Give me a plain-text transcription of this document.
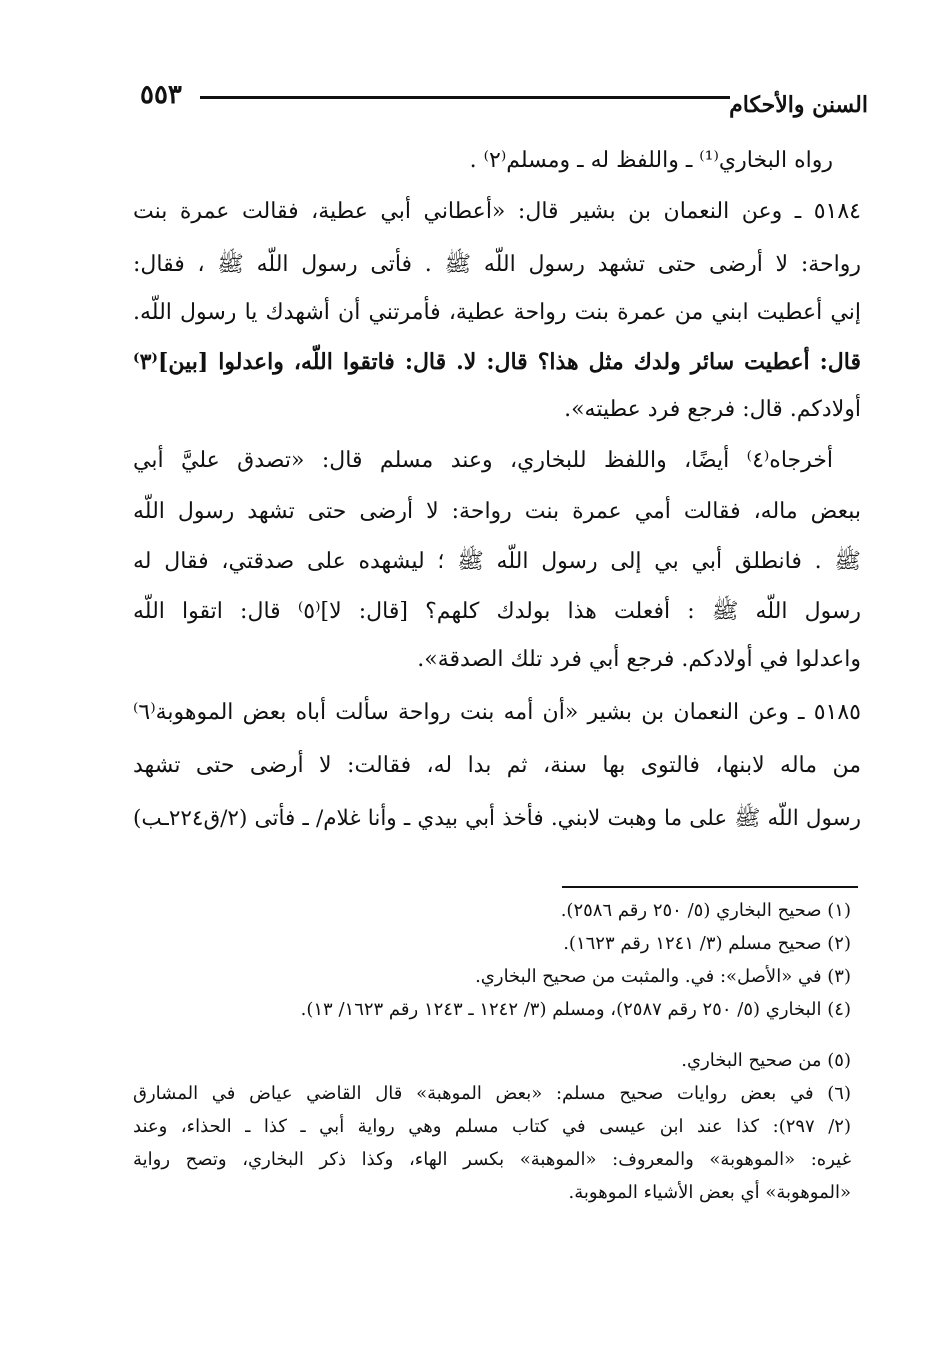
السنن والأحكام
٥٥٣
رواه البخاري⁽¹⁾ ـ واللفظ له ـ ومسلم⁽٢⁾ .
٥١٨٤ ـ وعن النعمان بن بشير قال: «أعطاني أبي عطية، فقالت عمرة بنت
رواحة: لا أرضى حتى تشهد رسول اللّه ﷺ . فأتى رسول اللّه ﷺ ، فقال:
إني أعطيت ابني من عمرة بنت رواحة عطية، فأمرتني أن أشهدك يا رسول اللّه.
قال: أعطيت سائر ولدك مثل هذا؟ قال: لا. قال: فاتقوا اللّه، واعدلوا [بين]⁽٣⁾
أولادكم. قال: فرجع فرد عطيته».
أخرجاه⁽٤⁾ أيضًا، واللفظ للبخاري، وعند مسلم قال: «تصدق عليَّ أبي
ببعض ماله، فقالت أمي عمرة بنت رواحة: لا أرضى حتى تشهد رسول اللّه
ﷺ . فانطلق أبي بي إلى رسول اللّه ﷺ ؛ ليشهده على صدقتي، فقال له
رسول اللّه ﷺ : أفعلت هذا بولدك كلهم؟ [قال: لا]⁽٥⁾ قال: اتقوا اللّه
واعدلوا في أولادكم. فرجع أبي فرد تلك الصدقة».
٥١٨٥ ـ وعن النعمان بن بشير «أن أمه بنت رواحة سألت أباه بعض الموهوبة⁽٦⁾
من ماله لابنها، فالتوى بها سنة، ثم بدا له، فقالت: لا أرضى حتى تشهد
رسول اللّه ﷺ على ما وهبت لابني. فأخذ أبي بيدي ـ وأنا غلام/ ـ فأتى (٢/ق٢٢٤ـب)
(١) صحيح البخاري (٥/ ٢٥٠ رقم ٢٥٨٦).
(٢) صحيح مسلم (٣/ ١٢٤١ رقم ١٦٢٣).
(٣) في «الأصل»: في. والمثبت من صحيح البخاري.
(٤) البخاري (٥/ ٢٥٠ رقم ٢٥٨٧)، ومسلم (٣/ ١٢٤٢ ـ ١٢٤٣ رقم ١٦٢٣/ ١٣).
(٥) من صحيح البخاري.
(٦) في بعض روايات صحيح مسلم: «بعض الموهبة» قال القاضي عياض في المشارق
(٢/ ٢٩٧): كذا عند ابن عيسى في كتاب مسلم وهي رواية أبي ـ كذا ـ الحذاء، وعند
غيره: «الموهوبة» والمعروف: «الموهبة» بكسر الهاء، وكذا ذكر البخاري، وتصح رواية
«الموهوبة» أي بعض الأشياء الموهوبة.
